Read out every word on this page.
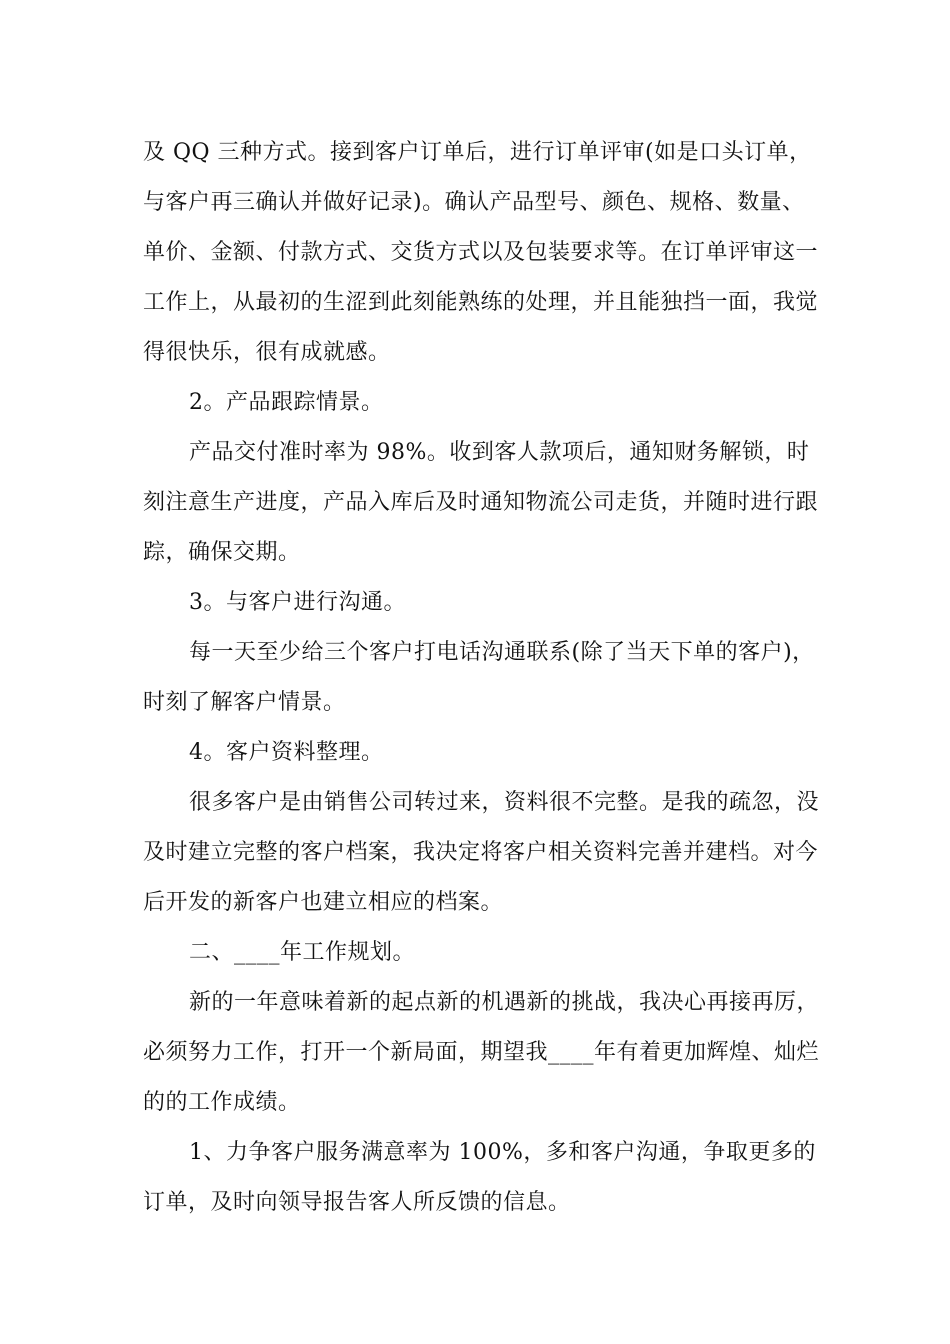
及 QQ 三种方式。接到客户订单后，进行订单评审(如是口头订单，与客户再三确认并做好记录)。确认产品型号、颜色、规格、数量、单价、金额、付款方式、交货方式以及包装要求等。在订单评审这一工作上，从最初的生涩到此刻能熟练的处理，并且能独挡一面，我觉得很快乐，很有成就感。

2。产品跟踪情景。

产品交付准时率为 98%。收到客人款项后，通知财务解锁，时刻注意生产进度，产品入库后及时通知物流公司走货，并随时进行跟踪，确保交期。

3。与客户进行沟通。

每一天至少给三个客户打电话沟通联系(除了当天下单的客户)，时刻了解客户情景。

4。客户资料整理。

很多客户是由销售公司转过来，资料很不完整。是我的疏忽，没及时建立完整的客户档案，我决定将客户相关资料完善并建档。对今后开发的新客户也建立相应的档案。

二、____年工作规划。

新的一年意味着新的起点新的机遇新的挑战，我决心再接再厉，必须努力工作，打开一个新局面，期望我____年有着更加辉煌、灿烂的的工作成绩。

1、力争客户服务满意率为 100%，多和客户沟通，争取更多的订单，及时向领导报告客人所反馈的信息。
